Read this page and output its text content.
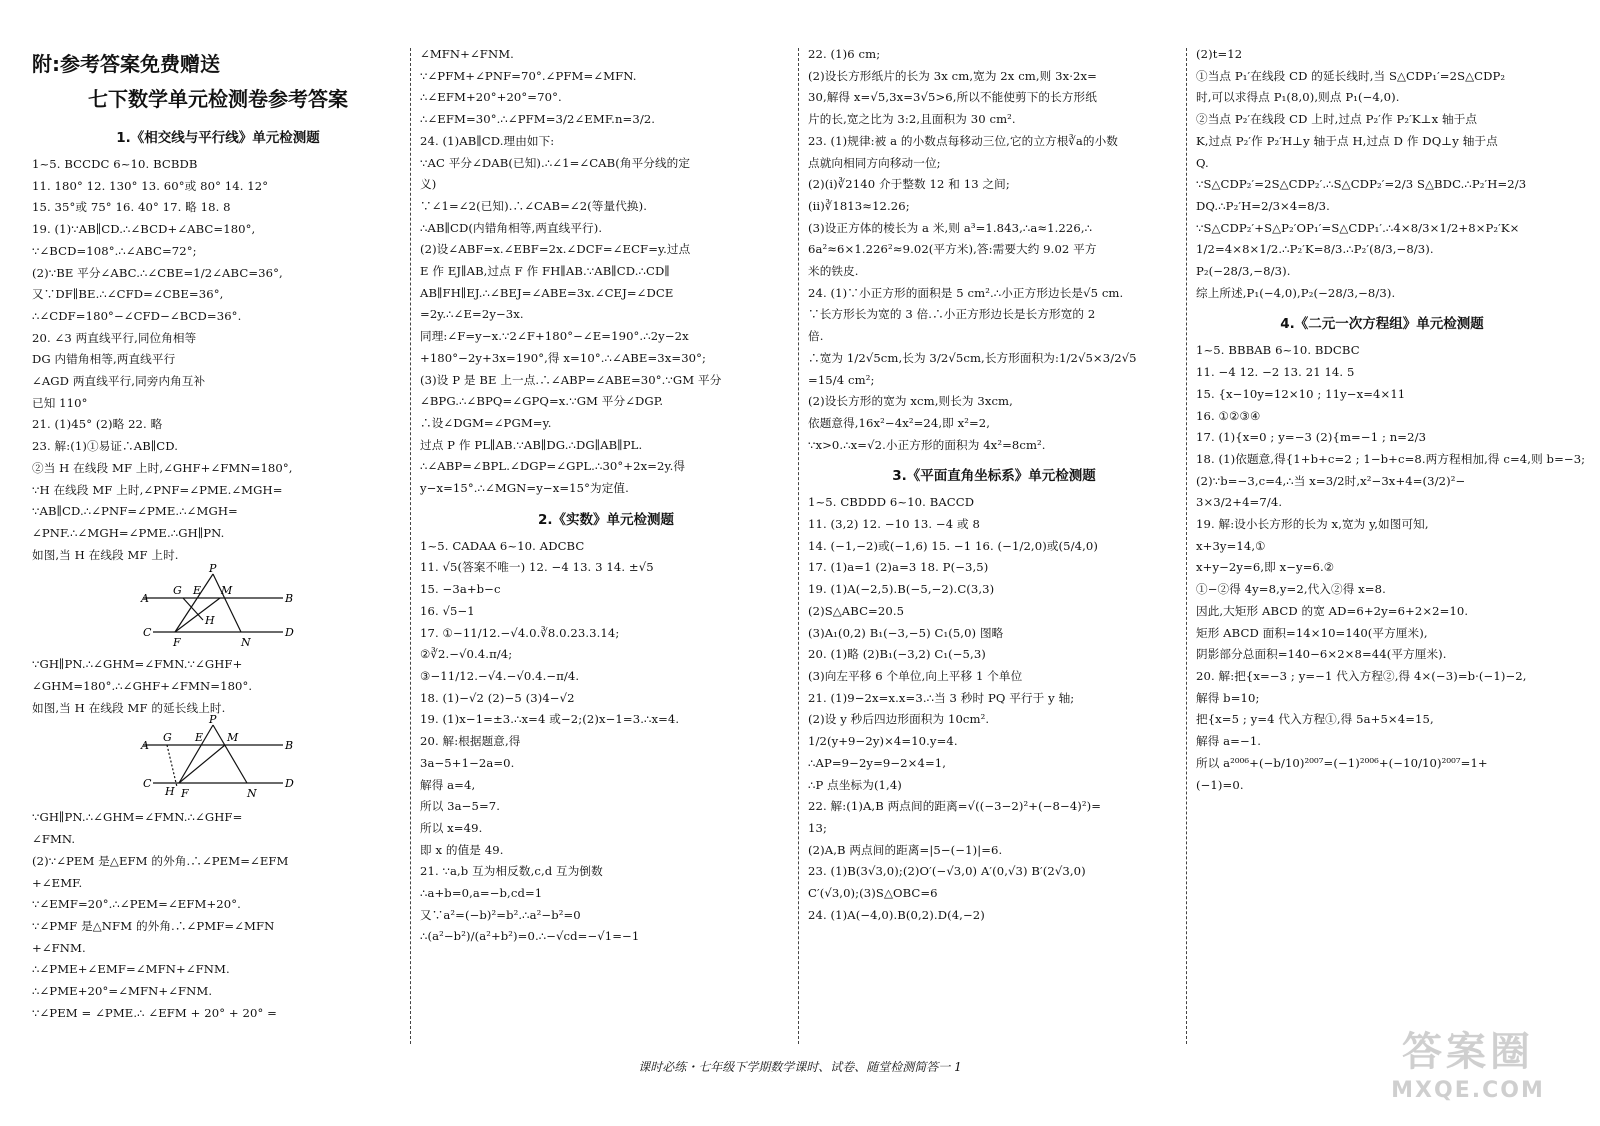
附:参考答案免费赠送
七下数学单元检测卷参考答案
1.《相交线与平行线》单元检测题
1~5. BCCDC 6~10. BCBDB
11. 180° 12. 130° 13. 60°或 80° 14. 12°
15. 35°或 75° 16. 40° 17. 略 18. 8
19. (1)∵AB∥CD.∴∠BCD+∠ABC=180°,
∵∠BCD=108°.∴∠ABC=72°;
(2)∵BE 平分∠ABC.∴∠CBE=1/2∠ABC=36°,
又∵DF∥BE.∴∠CFD=∠CBE=36°,
∴∠CDF=180°−∠CFD−∠BCD=36°.
20. ∠3 两直线平行,同位角相等
DG 内错角相等,两直线平行
∠AGD 两直线平行,同旁内角互补
已知 110°
21. (1)45° (2)略 22. 略
23. 解:(1)①易证∴AB∥CD.
②当 H 在线段 MF 上时,∠GHF+∠FMN=180°,
∵H 在线段 MF 上时,∠PNF=∠PME.∠MGH=
∵AB∥CD.∴∠PNF=∠PME.∴∠MGH=
∠PNF.∴∠MGH=∠PME.∴GH∥PN.
如图,当 H 在线段 MF 上时.
P
G E M
A	B
H
C
F	N
D
∵GH∥PN.∴∠GHM=∠FMN.∵∠GHF+
∠GHM=180°.∴∠GHF+∠FMN=180°.
如图,当 H 在线段 MF 的延长线上时.
P
G E M
A	B
C
H F	N
D
∵GH∥PN.∴∠GHM=∠FMN.∴∠GHF=
∠FMN.
(2)∵∠PEM 是△EFM 的外角.∴∠PEM=∠EFM
+∠EMF.
∵∠EMF=20°.∴∠PEM=∠EFM+20°.
∵∠PMF 是△NFM 的外角.∴∠PMF=∠MFN
+∠FNM.
∴∠PME+∠EMF=∠MFN+∠FNM.
∴∠PME+20°=∠MFN+∠FNM.
∵∠PEM = ∠PME.∴ ∠EFM + 20° + 20° =
∠MFN+∠FNM.
∵∠PFM+∠PNF=70°.∠PFM=∠MFN.
∴∠EFM+20°+20°=70°.
∴∠EFM=30°.∴∠PFM=3/2∠EMF.n=3/2.
24. (1)AB∥CD.理由如下:
∵AC 平分∠DAB(已知).∴∠1=∠CAB(角平分线的定
义)
∵∠1=∠2(已知).∴∠CAB=∠2(等量代换).
∴AB∥CD(内错角相等,两直线平行).
(2)设∠ABF=x.∠EBF=2x.∠DCF=∠ECF=y.过点
E 作 EJ∥AB,过点 F 作 FH∥AB.∵AB∥CD.∴CD∥
AB∥FH∥EJ.∴∠BEJ=∠ABE=3x.∠CEJ=∠DCE
=2y.∴∠E=2y−3x.
同理:∠F=y−x.∵2∠F+180°−∠E=190°.∴2y−2x
+180°−2y+3x=190°,得 x=10°.∴∠ABE=3x=30°;
(3)设 P 是 BE 上一点.∴∠ABP=∠ABE=30°.∵GM 平分
∠BPG.∴∠BPQ=∠GPQ=x.∵GM 平分∠DGP.
∴设∠DGM=∠PGM=y.
过点 P 作 PL∥AB.∵AB∥DG.∴DG∥AB∥PL.
∴∠ABP=∠BPL.∠DGP=∠GPL.∴30°+2x=2y.得
y−x=15°.∴∠MGN=y−x=15°为定值.
2.《实数》单元检测题
1~5. CADAA 6~10. ADCBC
11. √5(答案不唯一) 12. −4 13. 3 14. ±√5
15. −3a+b−c
16. √5−1
17. ①−11/12.−√4.0.∛8.0.23.3.14;
②∛2.−√0.4.π/4;
③−11/12.−√4.−√0.4.−π/4.
18. (1)−√2 (2)−5 (3)4−√2
19. (1)x−1=±3.∴x=4 或−2;(2)x−1=3.∴x=4.
20. 解:根据题意,得
3a−5+1−2a=0.
解得 a=4,
所以 3a−5=7.
所以 x=49.
即 x 的值是 49.
21. ∵a,b 互为相反数,c,d 互为倒数
∴a+b=0,a=−b,cd=1
又∵a²=(−b)²=b².∴a²−b²=0
∴(a²−b²)/(a²+b²)=0.∴−√cd=−√1=−1
22. (1)6 cm;
(2)设长方形纸片的长为 3x cm,宽为 2x cm,则 3x·2x=
30,解得 x=√5,3x=3√5>6,所以不能使剪下的长方形纸
片的长,宽之比为 3:2,且面积为 30 cm².
23. (1)规律:被 a 的小数点每移动三位,它的立方根∛a的小数
点就向相同方向移动一位;
(2)(i)∛2140 介于整数 12 和 13 之间;
(ii)∛1813≈12.26;
(3)设正方体的棱长为 a 米,则 a³=1.843,∴a≈1.226,∴
6a²≈6×1.226²≈9.02(平方米),答:需要大约 9.02 平方
米的铁皮.
24. (1)∵小正方形的面积是 5 cm².∴小正方形边长是√5 cm.
∵长方形长为宽的 3 倍.∴小正方形边长是长方形宽的 2
倍.
∴宽为 1/2√5cm,长为 3/2√5cm,长方形面积为:1/2√5×3/2√5
=15/4 cm²;
(2)设长方形的宽为 xcm,则长为 3xcm,
依题意得,16x²−4x²=24,即 x²=2,
∵x>0.∴x=√2.小正方形的面积为 4x²=8cm².
3.《平面直角坐标系》单元检测题
1~5. CBDDD 6~10. BACCD
11. (3,2) 12. −10 13. −4 或 8
14. (−1,−2)或(−1,6) 15. −1 16. (−1/2,0)或(5/4,0)
17. (1)a=1 (2)a=3 18. P(−3,5)
19. (1)A(−2,5).B(−5,−2).C(3,3)
(2)S△ABC=20.5
(3)A₁(0,2) B₁(−3,−5) C₁(5,0) 图略
20. (1)略 (2)B₁(−3,2) C₁(−5,3)
(3)向左平移 6 个单位,向上平移 1 个单位
21. (1)9−2x=x.x=3.∴当 3 秒时 PQ 平行于 y 轴;
(2)设 y 秒后四边形面积为 10cm².
1/2(y+9−2y)×4=10.y=4.
∴AP=9−2y=9−2×4=1,
∴P 点坐标为(1,4)
22. 解:(1)A,B 两点间的距离=√((−3−2)²+(−8−4)²)=
13;
(2)A,B 两点间的距离=|5−(−1)|=6.
23. (1)B(3√3,0);(2)O′(−√3,0) A′(0,√3) B′(2√3,0)
C′(√3,0);(3)S△OBC=6
24. (1)A(−4,0).B(0,2).D(4,−2)
(2)t=12
①当点 P₁′在线段 CD 的延长线时,当 S△CDP₁′=2S△CDP₂
时,可以求得点 P₁(8,0),则点 P₁(−4,0).
②当点 P₂′在线段 CD 上时,过点 P₂′作 P₂′K⊥x 轴于点
K,过点 P₂′作 P₂′H⊥y 轴于点 H,过点 D 作 DQ⊥y 轴于点
Q.
∵S△CDP₂′=2S△CDP₂′.∴S△CDP₂′=2/3 S△BDC.∴P₂′H=2/3
DQ.∴P₂′H=2/3×4=8/3.
∵S△CDP₂′+S△P₂′OP₁′=S△CDP₁′.∴4×8/3×1/2+8×P₂′K×
1/2=4×8×1/2.∴P₂′K=8/3.∴P₂′(8/3,−8/3).
P₂(−28/3,−8/3).
综上所述,P₁(−4,0),P₂(−28/3,−8/3).
4.《二元一次方程组》单元检测题
1~5. BBBAB 6~10. BDCBC
11. −4 12. −2 13. 21 14. 5
15. {x−10y=12×10 ; 11y−x=4×11
16. ①②③④
17. (1){x=0 ; y=−3 (2){m=−1 ; n=2/3
18. (1)依题意,得{1+b+c=2 ; 1−b+c=8.两方程相加,得 c=4,则 b=−3;
(2)∵b=−3,c=4,∴当 x=3/2时,x²−3x+4=(3/2)²−
3×3/2+4=7/4.
19. 解:设小长方形的长为 x,宽为 y,如图可知,
x+3y=14,①
x+y−2y=6,即 x−y=6.②
①−②得 4y=8,y=2,代入②得 x=8.
因此,大矩形 ABCD 的宽 AD=6+2y=6+2×2=10.
矩形 ABCD 面积=14×10=140(平方厘米),
阴影部分总面积=140−6×2×8=44(平方厘米).
20. 解:把{x=−3 ; y=−1 代入方程②,得 4×(−3)=b·(−1)−2,
解得 b=10;
把{x=5 ; y=4 代入方程①,得 5a+5×4=15,
解得 a=−1.
所以 a²⁰⁰⁶+(−b/10)²⁰⁰⁷=(−1)²⁰⁰⁶+(−10/10)²⁰⁰⁷=1+
(−1)=0.
课时必练・七年级下学期数学课时、试卷、随堂检测简答一 1	答案圈
MXQE.COM
